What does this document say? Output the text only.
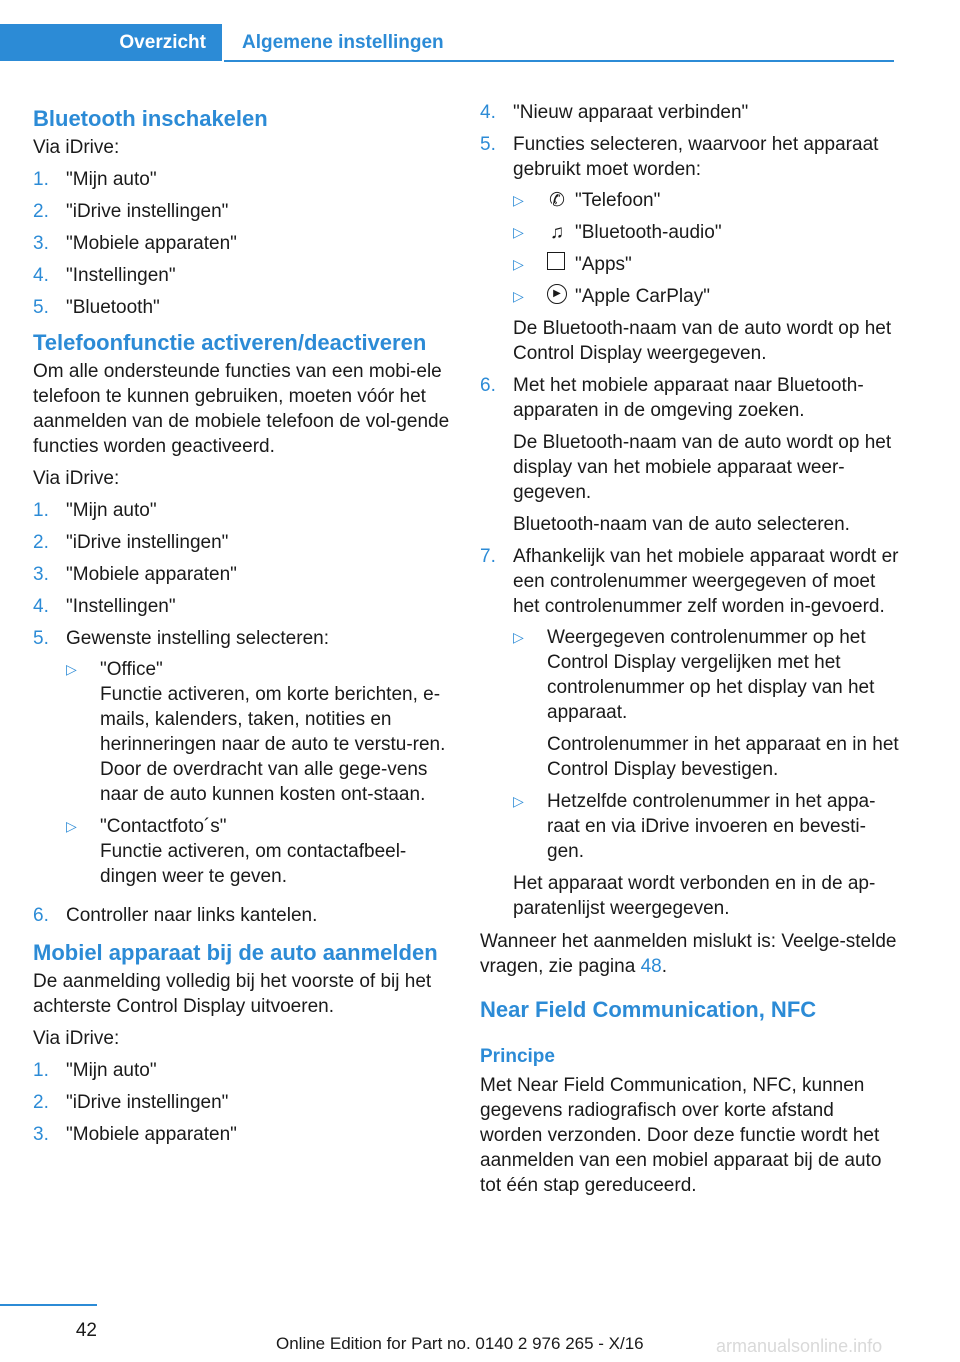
Overzicht	Algemene instellingen
Bluetooth inschakelen
Via iDrive:
1. "Mijn auto"
2. "iDrive instellingen"
3. "Mobiele apparaten"
4. "Instellingen"
5. "Bluetooth"
Telefoonfunctie activeren/deactiveren
Om alle ondersteunde functies van een mobi-ele telefoon te kunnen gebruiken, moeten vóór het aanmelden van de mobiele telefoon de vol-gende functies worden geactiveerd.
Via iDrive:
1. "Mijn auto"
2. "iDrive instellingen"
3. "Mobiele apparaten"
4. "Instellingen"
5. Gewenste instelling selecteren:
▷	"Office"
Functie activeren, om korte berichten, e-mails, kalenders, taken, notities en herinneringen naar de auto te verstu-ren. Door de overdracht van alle gege-vens naar de auto kunnen kosten ont-staan.
▷	"Contactfoto´s"
Functie activeren, om contactafbeel-dingen weer te geven.
6. Controller naar links kantelen.
Mobiel apparaat bij de auto aanmelden
De aanmelding volledig bij het voorste of bij het achterste Control Display uitvoeren.
Via iDrive:
1. "Mijn auto"
2. "iDrive instellingen"
3. "Mobiele apparaten"
4. "Nieuw apparaat verbinden"
5. Functies selecteren, waarvoor het apparaat gebruikt moet worden:
▷	✆ "Telefoon"
▷	♫ "Bluetooth-audio"
▷	"Apps"
▷	▶ "Apple CarPlay"
De Bluetooth-naam van de auto wordt op het Control Display weergegeven.
6. Met het mobiele apparaat naar Bluetooth-apparaten in de omgeving zoeken.
De Bluetooth-naam van de auto wordt op het display van het mobiele apparaat weer-gegeven.
Bluetooth-naam van de auto selecteren.
7. Afhankelijk van het mobiele apparaat wordt er een controlenummer weergegeven of moet het controlenummer zelf worden in-gevoerd.
▷	Weergegeven controlenummer op het Control Display vergelijken met het controlenummer op het display van het apparaat.
Controlenummer in het apparaat en in het Control Display bevestigen.
▷	Hetzelfde controlenummer in het appa-raat en via iDrive invoeren en bevesti-gen.
Het apparaat wordt verbonden en in de ap-paratenlijst weergegeven.
Wanneer het aanmelden mislukt is: Veelge-stelde vragen, zie pagina 48.
Near Field Communication, NFC
Principe
Met Near Field Communication, NFC, kunnen gegevens radiografisch over korte afstand worden verzonden. Door deze functie wordt het aanmelden van een mobiel apparaat bij de auto tot één stap gereduceerd.
42
Online Edition for Part no. 0140 2 976 265 - X/16	armanualsonline.info
